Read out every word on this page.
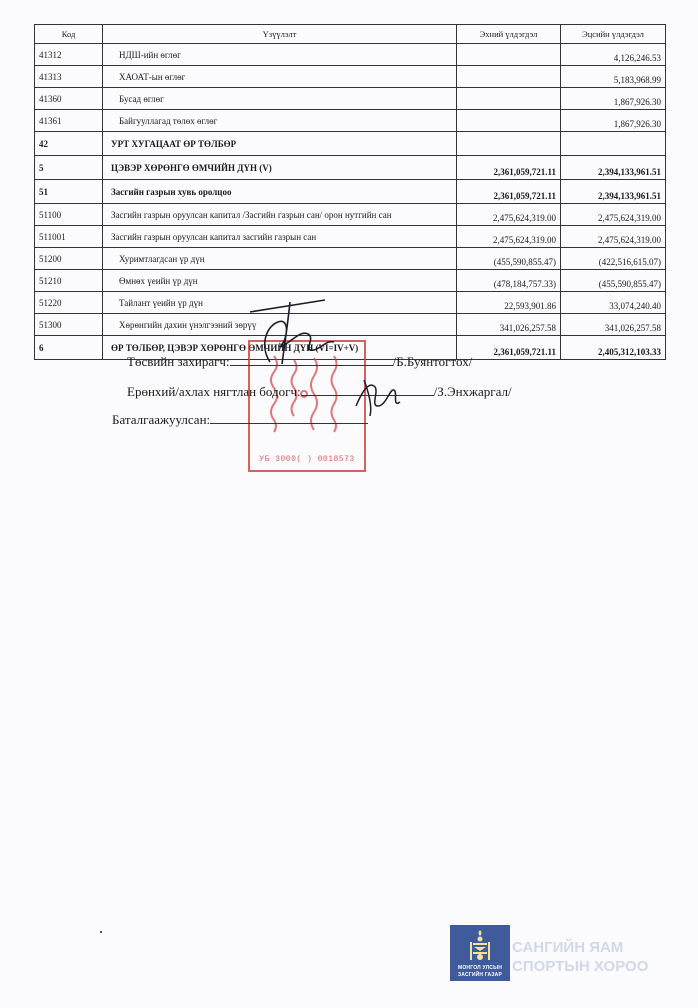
Код	Үзүүлэлт	Эхний үлдэгдэл	Эцсийн үлдэгдэл
41312	НДШ-ийн өглөг		4,126,246.53
41313	ХАОАТ-ын өглөг		5,183,968.99
41360	Бусад өглөг		1,867,926.30
41361	Байгууллагад төлөх өглөг		1,867,926.30
42	УРТ ХУГАЦААТ ӨР ТӨЛБӨР		
5	ЦЭВЭР ХӨРӨНГӨ ӨМЧИЙН ДҮН (V)	2,361,059,721.11	2,394,133,961.51
51	Засгийн газрын хувь оролцоо	2,361,059,721.11	2,394,133,961.51
51100	Засгийн газрын оруулсан капитал /Засгийн газрын сан/ орон нутгийн сан	2,475,624,319.00	2,475,624,319.00
511001	Засгийн газрын оруулсан капитал засгийн газрын сан	2,475,624,319.00	2,475,624,319.00
51200	Хуримтлагдсан үр дүн	(455,590,855.47)	(422,516,615.07)
51210	Өмнөх үеийн үр дүн	(478,184,757.33)	(455,590,855.47)
51220	Тайлант үеийн үр дүн	22,593,901.86	33,074,240.40
51300	Хөрөнгийн дахин үнэлгээний зөрүү	341,026,257.58	341,026,257.58
6	ӨР ТӨЛБӨР, ЦЭВЭР ХӨРӨНГӨ ӨМЧИЙН ДҮН (VI=IV+V)	2,361,059,721.11	2,405,312,103.33
УБ 3000( ) 0018573
Төсвийн захирагч:	/Б.Буянтогтох/
Ерөнхий/ахлах нягтлан бодогч:	/З.Энхжаргал/
Баталгаажуулсан:
МОНГОЛ УЛСЫН
ЗАСГИЙН ГАЗАР
САНГИЙН ЯАМ СПОРТЫН ХОРОО
